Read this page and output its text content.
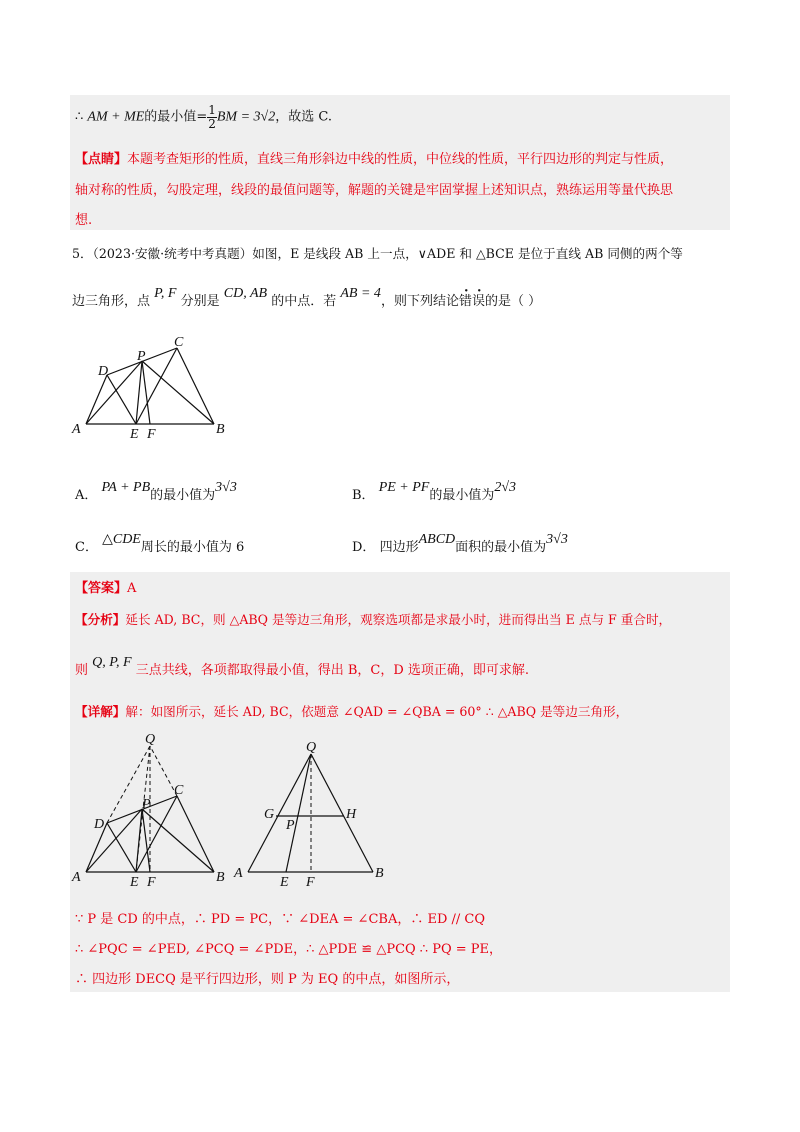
∴ AM + ME的最小值= $\frac{1}{2}$ BM = 3√2，故选 C.
【点睛】本题考查矩形的性质，直线三角形斜边中线的性质，中位线的性质，平行四边形的判定与性质，
轴对称的性质，勾股定理，线段的最值问题等，解题的关键是牢固掌握上述知识点，熟练运用等量代换思
想.
5．（2023·安徽·统考中考真题）如图，E 是线段 AB 上一点，∨ADE 和 △BCE 是位于直线 AB 同侧的两个等
边三角形，点 P, F 分别是 CD, AB 的中点．若 AB = 4，则下列结论错误的是（ ）
A	B
C
D
E F
P
A． PA + PB的最小值为3√3
B． PE + PF的最小值为2√3
C． △CDE周长的最小值为 6	D． 四边形ABCD面积的最小值为3√3
【答案】A
【分析】延长 AD, BC，则 △ABQ 是等边三角形，观察选项都是求最小时，进而得出当 E 点与 F 重合时，
则 Q, P, F 三点共线，各项都取得最小值，得出 B，C，D 选项正确，即可求解.
【详解】解：如图所示，延长 AD, BC，依题意 ∠QAD = ∠QBA = 60° ∴ △ABQ 是等边三角形，
Q
A	B
C
D
E F
P
Q
G	H
P
A
E F
B
∵ P 是 CD 的中点，∴ PD = PC，∵ ∠DEA = ∠CBA，∴ ED // CQ
∴ ∠PQC = ∠PED, ∠PCQ = ∠PDE，∴ △PDE ≌ △PCQ ∴ PQ = PE，
∴ 四边形 DECQ 是平行四边形，则 P 为 EQ 的中点，如图所示，
